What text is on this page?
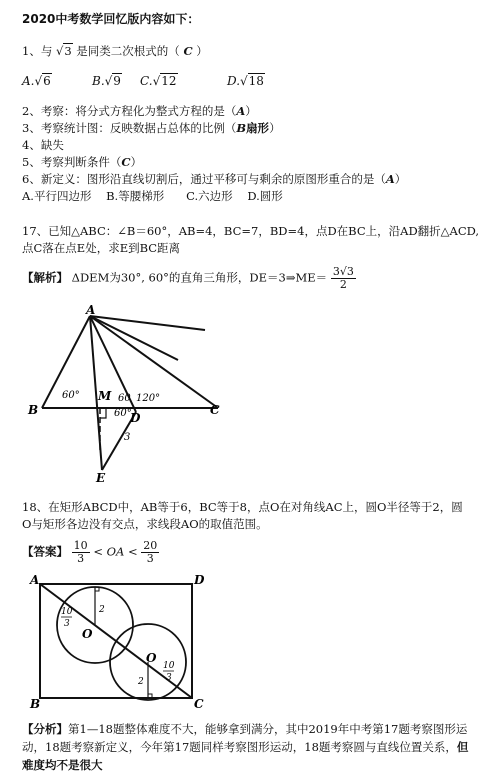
2020中考数学回忆版内容如下：
1、与 √3 是同类二次根式的（ C ）
A.√6	B.√9 C.√12	D.√18
2、考察：将分式方程化为整式方程的是（A）
3、考察统计图：反映数据占总体的比例（B扇形）
4、缺失
5、考察判断条件（C）
6、新定义：图形沿直线切割后，通过平移可与剩余的原图形重合的是（A）
A.平行四边形 B.等腰梯形 C.六边形 D.圆形
17、已知△ABC：∠B＝60°，AB=4，BC=7，BD=4，点D在BC上，沿AD翻折△ACD,
点C落在点E处，求E到BC距离
【解析】 ΔDEM为30°, 60°的直角三角形，DE＝3⇒ME＝ $\frac{3√3}{2}$
A
B	C
D
E
M
60°	60 120°
60°
3
18、在矩形ABCD中，AB等于6，BC等于8，点O在对角线AC上，圆O半径等于2，圆
O与矩形各边没有交点，求线段AO的取值范围。
【答案】 $\frac{10}{3}$ < OA < $\frac{20}{3}$
A	D
B	C
O
O
10
3
10
3
2
2
【分析】第1—18题整体难度不大，能够拿到满分，其中2019年中考第17题考察图形运
动，18题考察新定义，今年第17题同样考察图形运动，18题考察圆与直线位置关系，但
难度均不是很大
